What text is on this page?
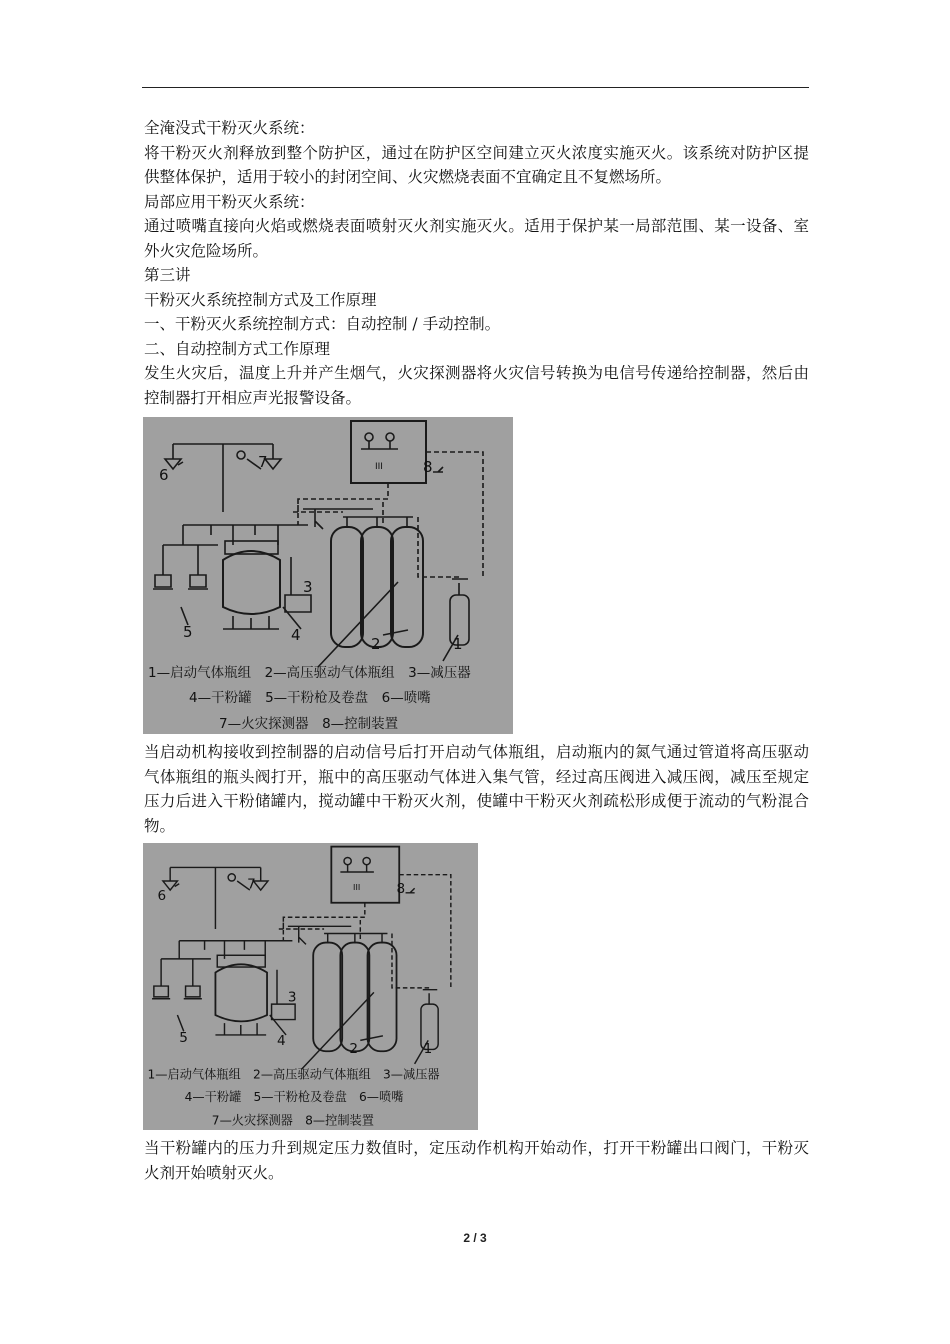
全淹没式干粉灭火系统：

将干粉灭火剂释放到整个防护区，通过在防护区空间建立灭火浓度实施灭火。该系统对防护区提供整体保护，适用于较小的封闭空间、火灾燃烧表面不宜确定且不复燃场所。

局部应用干粉灭火系统：

通过喷嘴直接向火焰或燃烧表面喷射灭火剂实施灭火。适用于保护某一局部范围、某一设备、室外火灾危险场所。

第三讲

干粉灭火系统控制方式及工作原理

一、干粉灭火系统控制方式：自动控制 / 手动控制。

二、自动控制方式工作原理

发生火灾后，温度上升并产生烟气，火灾探测器将火灾信号转换为电信号传递给控制器，然后由控制器打开相应声光报警设备。

6
7	8
3
5	4	2	1
III
1—启动气体瓶组　2—高压驱动气体瓶组　3—减压器
4—干粉罐　5—干粉枪及卷盘　6—喷嘴
7—火灾探测器　8—控制装置

当启动机构接收到控制器的启动信号后打开启动气体瓶组，启动瓶内的氮气通过管道将高压驱动气体瓶组的瓶头阀打开，瓶中的高压驱动气体进入集气管，经过高压阀进入减压阀，减压至规定压力后进入干粉储罐内，搅动罐中干粉灭火剂，使罐中干粉灭火剂疏松形成便于流动的气粉混合物。

6
7	8
3
5	4
2	1
III
1—启动气体瓶组　2—高压驱动气体瓶组　3—减压器
4—干粉罐　5—干粉枪及卷盘　6—喷嘴
7—火灾探测器　8—控制装置

当干粉罐内的压力升到规定压力数值时，定压动作机构开始动作，打开干粉罐出口阀门，干粉灭火剂开始喷射灭火。

2 / 3
